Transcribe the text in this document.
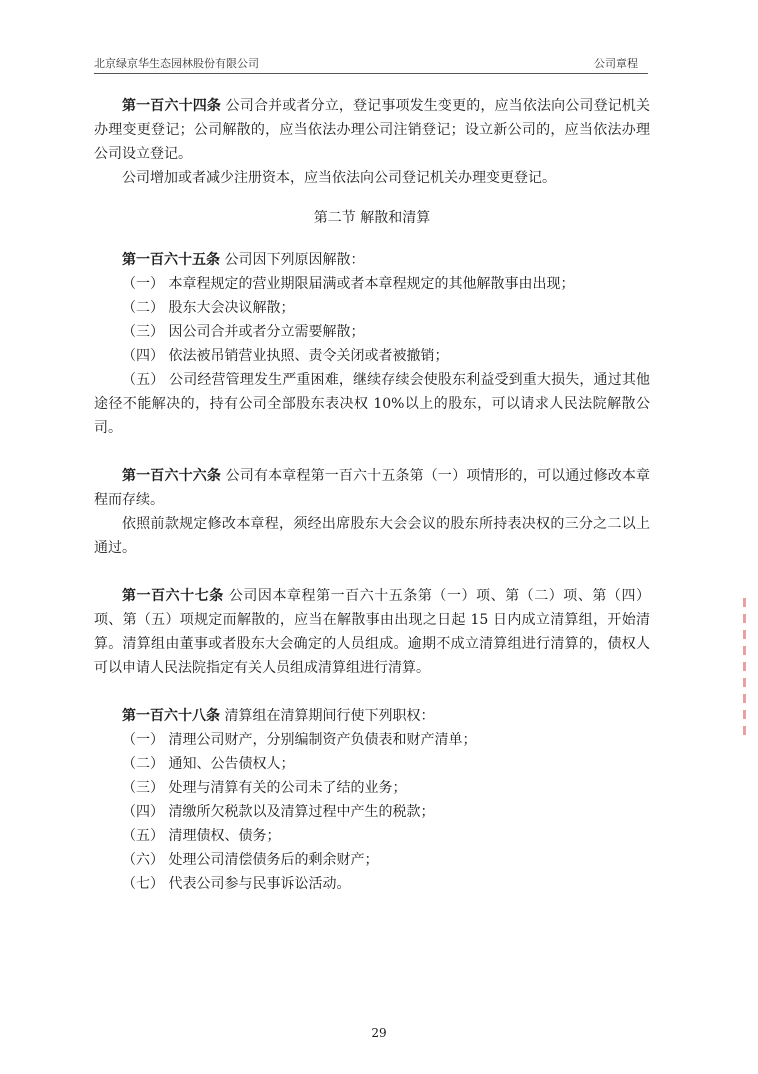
北京绿京华生态园林股份有限公司	公司章程

第一百六十四条 公司合并或者分立，登记事项发生变更的，应当依法向公司登记机关办理变更登记；公司解散的，应当依法办理公司注销登记；设立新公司的，应当依法办理公司设立登记。

公司增加或者减少注册资本，应当依法向公司登记机关办理变更登记。

第二节 解散和清算

第一百六十五条 公司因下列原因解散：

（一） 本章程规定的营业期限届满或者本章程规定的其他解散事由出现；

（二） 股东大会决议解散；

（三） 因公司合并或者分立需要解散；

（四） 依法被吊销营业执照、责令关闭或者被撤销；

（五） 公司经营管理发生严重困难，继续存续会使股东利益受到重大损失，通过其他途径不能解决的，持有公司全部股东表决权 10%以上的股东，可以请求人民法院解散公司。

第一百六十六条 公司有本章程第一百六十五条第（一）项情形的，可以通过修改本章程而存续。

依照前款规定修改本章程，须经出席股东大会会议的股东所持表决权的三分之二以上通过。

第一百六十七条 公司因本章程第一百六十五条第（一）项、第（二）项、第（四）项、第（五）项规定而解散的，应当在解散事由出现之日起 15 日内成立清算组，开始清算。清算组由董事或者股东大会确定的人员组成。逾期不成立清算组进行清算的，债权人可以申请人民法院指定有关人员组成清算组进行清算。

第一百六十八条 清算组在清算期间行使下列职权：

（一） 清理公司财产，分别编制资产负债表和财产清单；

（二） 通知、公告债权人；

（三） 处理与清算有关的公司未了结的业务；

（四） 清缴所欠税款以及清算过程中产生的税款；

（五） 清理债权、债务；

（六） 处理公司清偿债务后的剩余财产；

（七） 代表公司参与民事诉讼活动。

29
